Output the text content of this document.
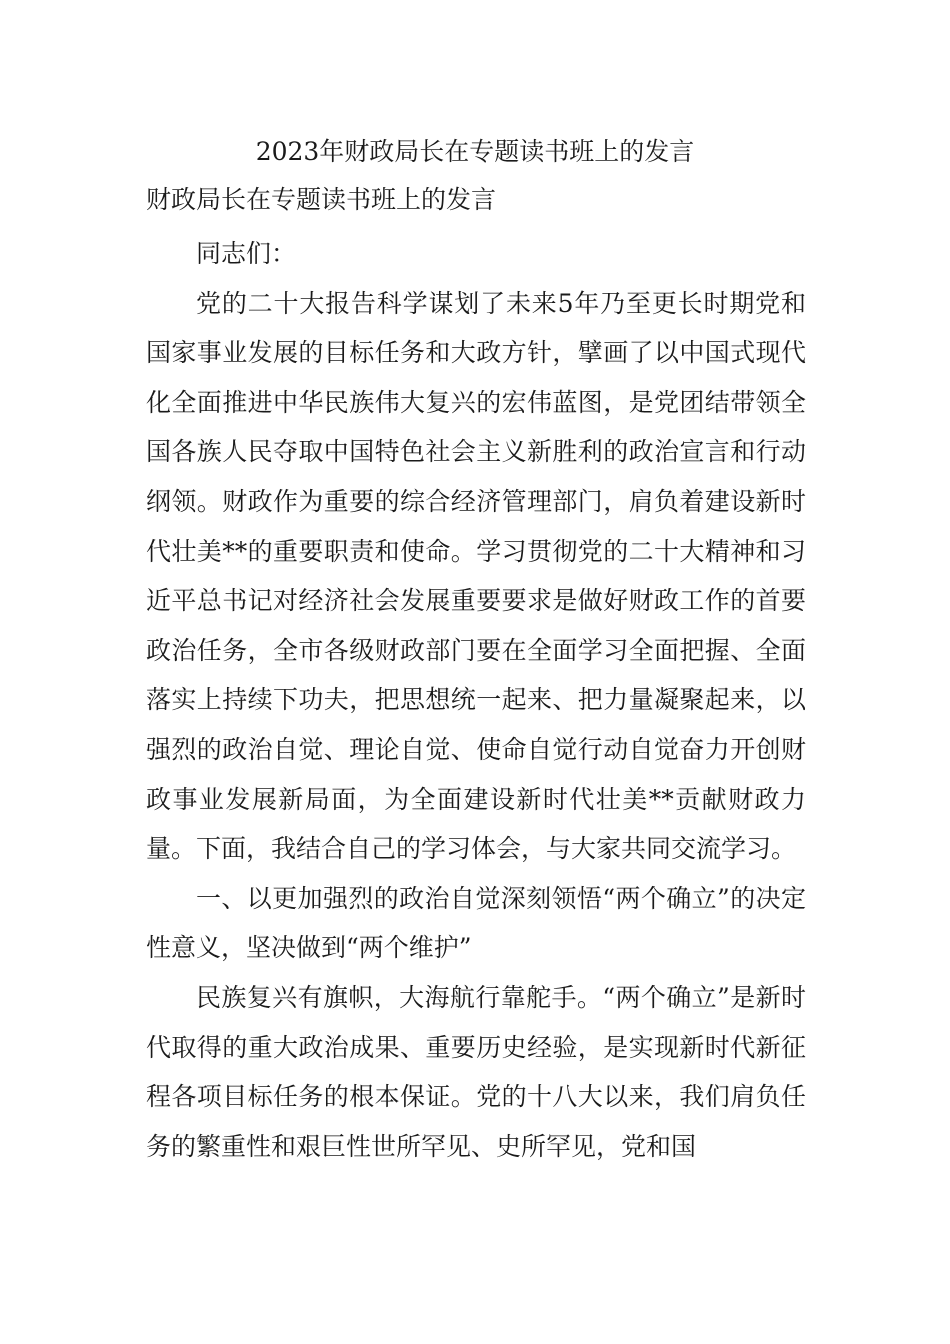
2023年财政局长在专题读书班上的发言
财政局长在专题读书班上的发言

同志们：

党的二十大报告科学谋划了未来5年乃至更长时期党和国家事业发展的目标任务和大政方针，擘画了以中国式现代化全面推进中华民族伟大复兴的宏伟蓝图，是党团结带领全国各族人民夺取中国特色社会主义新胜利的政治宣言和行动纲领。财政作为重要的综合经济管理部门，肩负着建设新时代壮美**的重要职责和使命。学习贯彻党的二十大精神和习近平总书记对经济社会发展重要要求是做好财政工作的首要政治任务，全市各级财政部门要在全面学习全面把握、全面落实上持续下功夫，把思想统一起来、把力量凝聚起来，以强烈的政治自觉、理论自觉、使命自觉行动自觉奋力开创财政事业发展新局面，为全面建设新时代壮美**贡献财政力量。下面，我结合自己的学习体会，与大家共同交流学习。

一、以更加强烈的政治自觉深刻领悟“两个确立”的决定性意义，坚决做到“两个维护”

民族复兴有旗帜，大海航行靠舵手。“两个确立”是新时代取得的重大政治成果、重要历史经验，是实现新时代新征程各项目标任务的根本保证。党的十八大以来，我们肩负任务的繁重性和艰巨性世所罕见、史所罕见，党和国
